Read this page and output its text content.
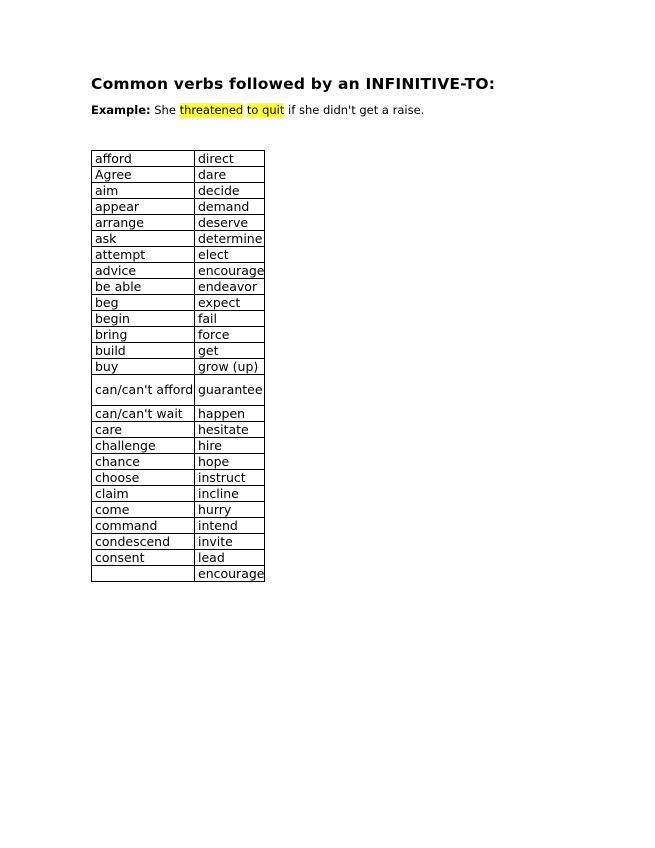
Common verbs followed by an INFINITIVE-TO:
Example: She threatened to quit if she didn't get a raise.
afford	direct
Agree	dare
aim	decide
appear	demand
arrange	deserve
ask	determine
attempt	elect
advice	encourage
be able	endeavor
beg	expect
begin	fail
bring	force
build	get
buy	grow (up)
can/can't afford	guarantee
can/can't wait	happen
care	hesitate
challenge	hire
chance	hope
choose	instruct
claim	incline
come	hurry
command	intend
condescend	invite
consent	lead
	encourage
